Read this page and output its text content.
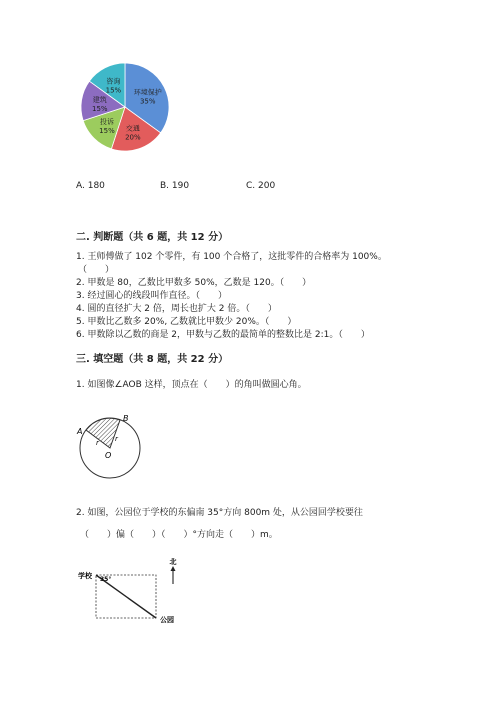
环境保护
35%
交通
20%
投诉
15%
建筑
15%
咨询
15%
A. 180	B. 190	C. 200
二. 判断题（共 6 题，共 12 分）
1. 王师傅做了 102 个零件，有 100 个合格了，这批零件的合格率为 100%。
（　　）
2. 甲数是 80，乙数比甲数多 50%，乙数是 120。（　　）
3. 经过圆心的线段叫作直径。（　　）
4. 圆的直径扩大 2 倍，周长也扩大 2 倍。（　　）
5. 甲数比乙数多 20%, 乙数就比甲数少 20%。（　　）
6. 甲数除以乙数的商是 2，甲数与乙数的最简单的整数比是 2:1。（　　）
三. 填空题（共 8 题，共 22 分）
1. 如图像∠AOB 这样，顶点在（　　）的角叫做圆心角。
A
B
O
r r
2. 如图，公园位于学校的东偏南 35°方向 800m 处，从公园回学校要往
（　　）偏（　　）（　　）°方向走（　　）m。
学校
公园
35°
北
